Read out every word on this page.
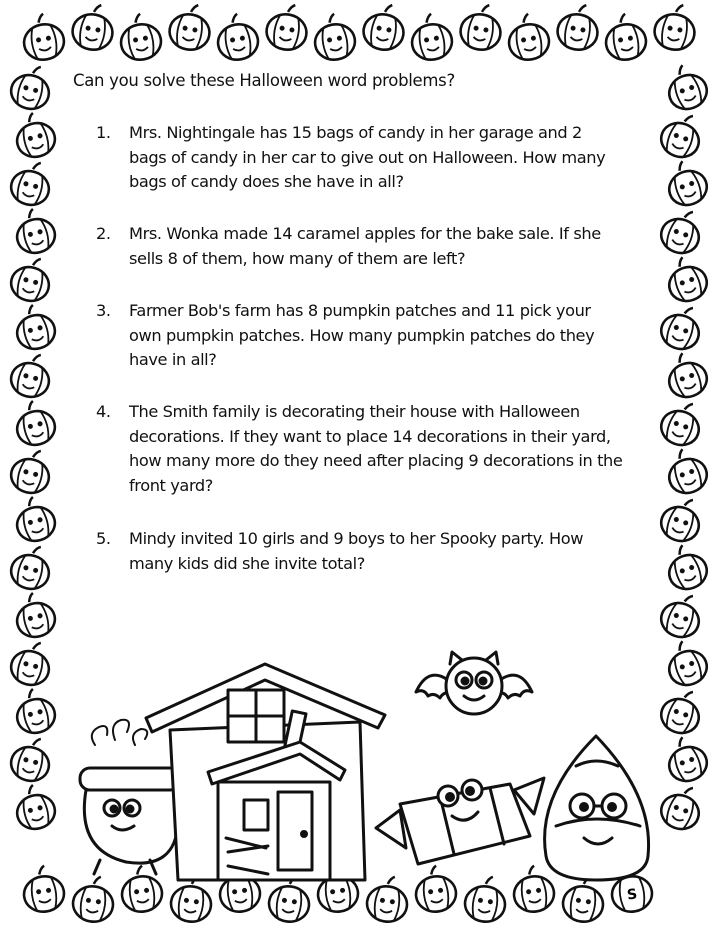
S
Can you solve these Halloween word problems?
1.	Mrs. Nightingale has 15 bags of candy in her garage and 2
bags of candy in her car to give out on Halloween. How many
bags of candy does she have in all?
2.	Mrs. Wonka made 14 caramel apples for the bake sale. If she
sells 8 of them, how many of them are left?
3.	Farmer Bob's farm has 8 pumpkin patches and 11 pick your
own pumpkin patches. How many pumpkin patches do they
have in all?
4.	The Smith family is decorating their house with Halloween
decorations. If they want to place 14 decorations in their yard,
how many more do they need after placing 9 decorations in the
front yard?
5.	Mindy invited 10 girls and 9 boys to her Spooky party. How
many kids did she invite total?
